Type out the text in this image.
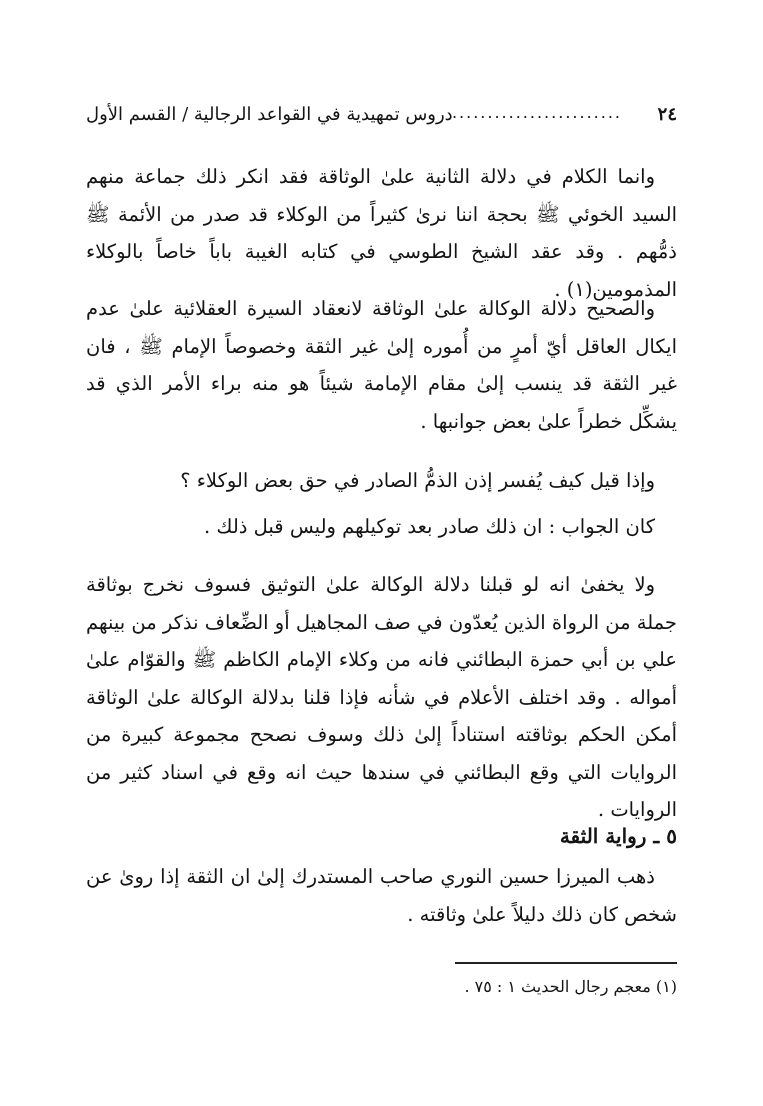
٢٤
........................
دروس تمهيدية في القواعد الرجالية / القسم الأول

وانما الكلام في دلالة الثانية علىٰ الوثاقة فقد انكر ذلك جماعة منهم السيد الخوئي ﷺ بحجة اننا نرىٰ كثيراً من الوكلاء قد صدر من الأئمة ﷺ ذمُّهم . وقد عقد الشيخ الطوسي في كتابه الغيبة باباً خاصاً بالوكلاء المذمومين(١) .

والصحيح دلالة الوكالة علىٰ الوثاقة لانعقاد السيرة العقلائية علىٰ عدم ايكال العاقل أيّ أمرٍ من أُموره إلىٰ غير الثقة وخصوصاً الإمام ﷺ ، فان غير الثقة قد ينسب إلىٰ مقام الإمامة شيئاً هو منه براء الأمر الذي قد يشكِّل خطراً علىٰ بعض جوانبها .

وإذا قيل كيف يُفسر إذن الذمُّ الصادر في حق بعض الوكلاء ؟

كان الجواب : ان ذلك صادر بعد توكيلهم وليس قبل ذلك .

ولا يخفىٰ انه لو قبلنا دلالة الوكالة علىٰ التوثيق فسوف نخرج بوثاقة جملة من الرواة الذين يُعدّون في صف المجاهيل أو الضِّعاف نذكر من بينهم علي بن أبي حمزة البطائني فانه من وكلاء الإمام الكاظم ﷺ والقوّام علىٰ أمواله . وقد اختلف الأعلام في شأنه فإذا قلنا بدلالة الوكالة علىٰ الوثاقة أمكن الحكم بوثاقته استناداً إلىٰ ذلك وسوف نصحح مجموعة كبيرة من الروايات التي وقع البطائني في سندها حيث انه وقع في اسناد كثير من الروايات .

٥ ـ رواية الثقة

ذهب الميرزا حسين النوري صاحب المستدرك إلىٰ ان الثقة إذا روىٰ عن شخص كان ذلك دليلاً علىٰ وثاقته .

(١) معجم رجال الحديث ١ : ٧٥ .
